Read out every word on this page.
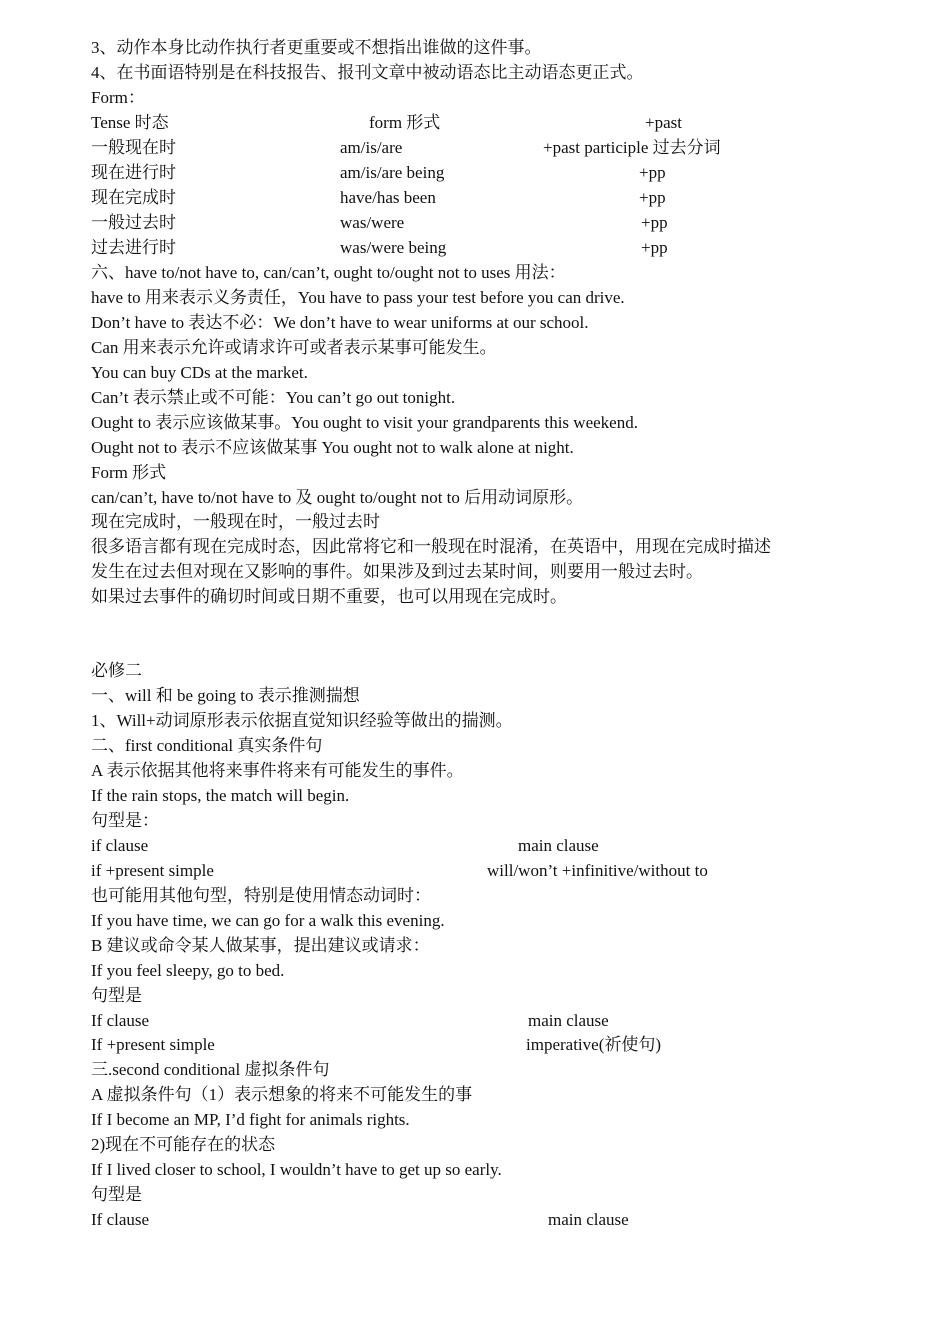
3、动作本身比动作执行者更重要或不想指出谁做的这件事。
4、在书面语特别是在科技报告、报刊文章中被动语态比主动语态更正式。
Form：
Tense 时态	form 形式	+past
一般现在时	am/is/are	+past participle 过去分词
现在进行时	am/is/are being	+pp
现在完成时	have/has been	+pp
一般过去时	was/were	+pp
过去进行时	was/were being	+pp
六、have to/not have to, can/can’t, ought to/ought not to uses 用法：
have to 用来表示义务责任，You have to pass your test before you can drive.
Don’t have to 表达不必：We don’t have to wear uniforms at our school.
Can 用来表示允许或请求许可或者表示某事可能发生。
You can buy CDs at the market.
Can’t 表示禁止或不可能：You can’t go out tonight.
Ought to 表示应该做某事。You ought to visit your grandparents this weekend.
Ought not to 表示不应该做某事 You ought not to walk alone at night.
Form 形式
can/can’t, have to/not have to 及 ought to/ought not to 后用动词原形。
现在完成时，一般现在时，一般过去时
很多语言都有现在完成时态，因此常将它和一般现在时混淆，在英语中，用现在完成时描述
发生在过去但对现在又影响的事件。如果涉及到过去某时间，则要用一般过去时。
如果过去事件的确切时间或日期不重要，也可以用现在完成时。
必修二
一、will 和 be going to 表示推测揣想
1、Will+动词原形表示依据直觉知识经验等做出的揣测。
二、first conditional 真实条件句
A 表示依据其他将来事件将来有可能发生的事件。
If the rain stops, the match will begin.
句型是：
if clause	main clause
if +present simple	will/won’t +infinitive/without to
也可能用其他句型，特别是使用情态动词时：
If you have time, we can go for a walk this evening.
B 建议或命令某人做某事，提出建议或请求：
If you feel sleepy, go to bed.
句型是
If clause	main clause
If +present simple	imperative(祈使句)
三.second conditional 虚拟条件句
A 虚拟条件句（1）表示想象的将来不可能发生的事
If I become an MP, I’d fight for animals rights.
2)现在不可能存在的状态
If I lived closer to school, I wouldn’t have to get up so early.
句型是
If clause	main clause
